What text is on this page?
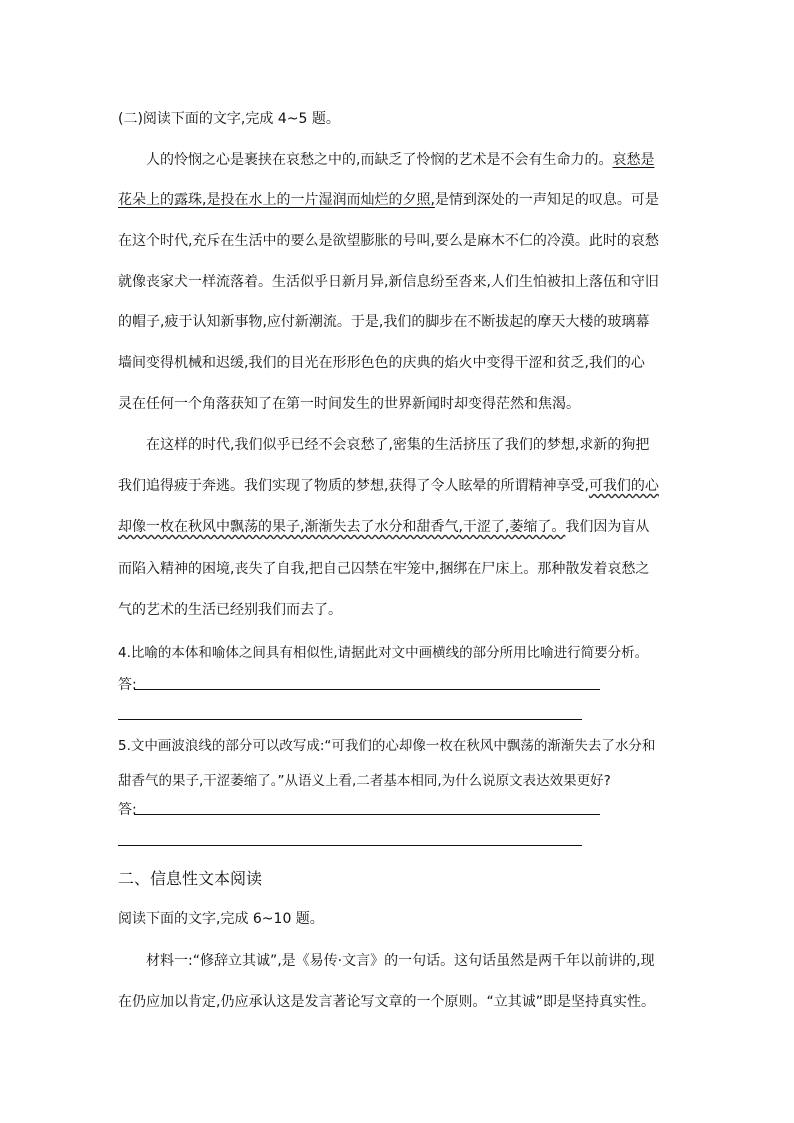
(二)阅读下面的文字,完成 4~5 题。
人的怜悯之心是裹挟在哀愁之中的,而缺乏了怜悯的艺术是不会有生命力的。哀愁是
花朵上的露珠,是投在水上的一片湿润而灿烂的夕照,是情到深处的一声知足的叹息。可是
在这个时代,充斥在生活中的要么是欲望膨胀的号叫,要么是麻木不仁的冷漠。此时的哀愁
就像丧家犬一样流落着。生活似乎日新月异,新信息纷至沓来,人们生怕被扣上落伍和守旧
的帽子,疲于认知新事物,应付新潮流。于是,我们的脚步在不断拔起的摩天大楼的玻璃幕
墙间变得机械和迟缓,我们的目光在形形色色的庆典的焰火中变得干涩和贫乏,我们的心
灵在任何一个角落获知了在第一时间发生的世界新闻时却变得茫然和焦渴。
在这样的时代,我们似乎已经不会哀愁了,密集的生活挤压了我们的梦想,求新的狗把
我们追得疲于奔逃。我们实现了物质的梦想,获得了令人眩晕的所谓精神享受,可我们的心
却像一枚在秋风中飘荡的果子,渐渐失去了水分和甜香气,干涩了,萎缩了。我们因为盲从
而陷入精神的困境,丧失了自我,把自己囚禁在牢笼中,捆绑在尸床上。那种散发着哀愁之
气的艺术的生活已经别我们而去了。
4.比喻的本体和喻体之间具有相似性,请据此对文中画横线的部分所用比喻进行简要分析。
答:
5.文中画波浪线的部分可以改写成:“可我们的心却像一枚在秋风中飘荡的渐渐失去了水分和
甜香气的果子,干涩萎缩了。”从语义上看,二者基本相同,为什么说原文表达效果更好?
答:
二、信息性文本阅读
阅读下面的文字,完成 6~10 题。
材料一:“修辞立其诚”,是《易传·文言》的一句话。这句话虽然是两千年以前讲的,现
在仍应加以肯定,仍应承认这是发言著论写文章的一个原则。“立其诚”即是坚持真实性。
